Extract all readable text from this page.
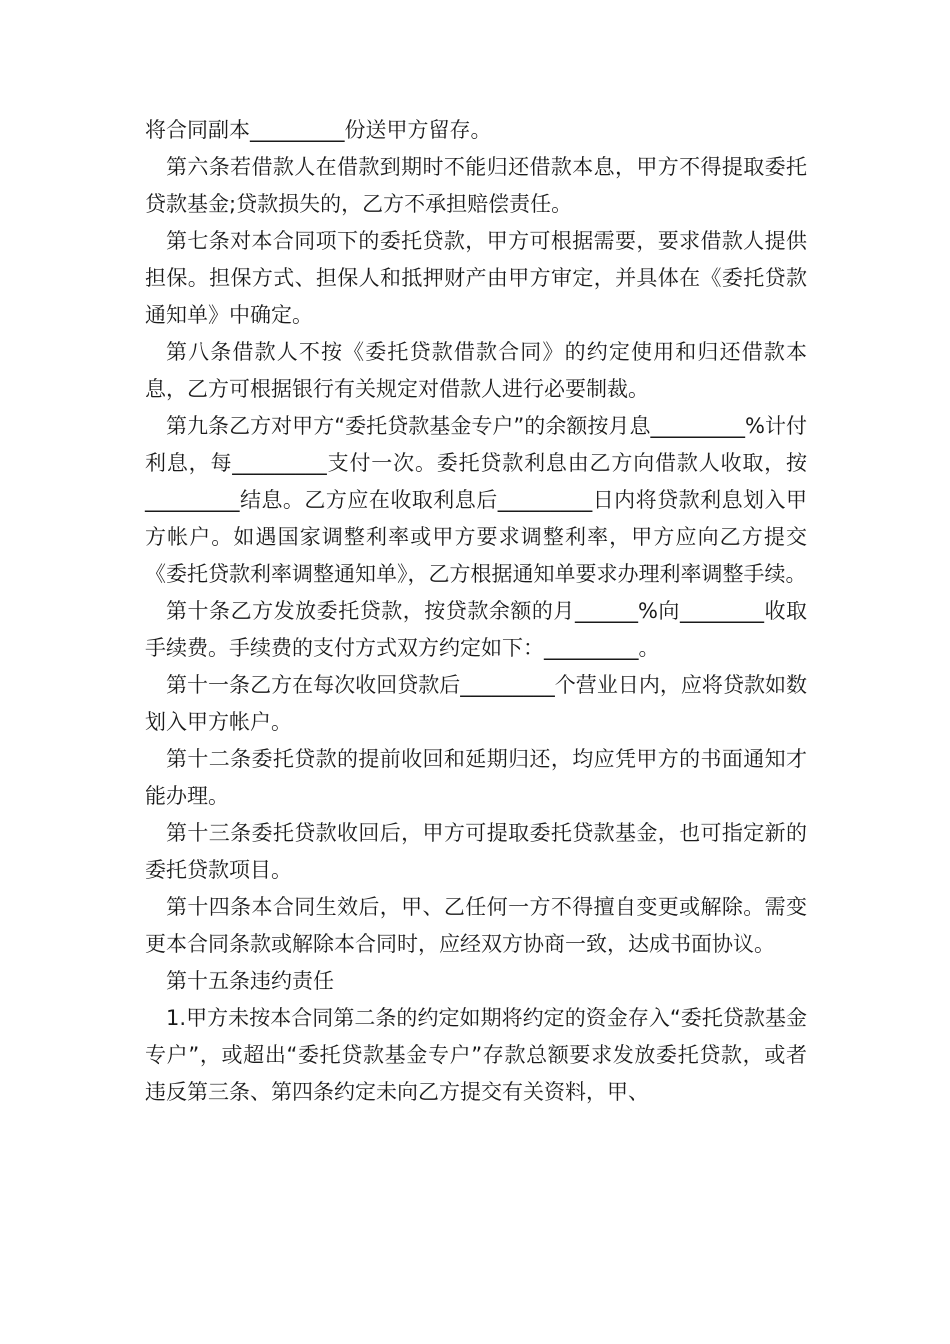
将合同副本_________份送甲方留存。

第六条若借款人在借款到期时不能归还借款本息，甲方不得提取委托贷款基金;贷款损失的，乙方不承担赔偿责任。

第七条对本合同项下的委托贷款，甲方可根据需要，要求借款人提供担保。担保方式、担保人和抵押财产由甲方审定，并具体在《委托贷款通知单》中确定。

第八条借款人不按《委托贷款借款合同》的约定使用和归还借款本息，乙方可根据银行有关规定对借款人进行必要制裁。

第九条乙方对甲方“委托贷款基金专户”的余额按月息_________%计付利息，每_________支付一次。委托贷款利息由乙方向借款人收取，按_________结息。乙方应在收取利息后_________日内将贷款利息划入甲方帐户。如遇国家调整利率或甲方要求调整利率，甲方应向乙方提交《委托贷款利率调整通知单》，乙方根据通知单要求办理利率调整手续。

第十条乙方发放委托贷款，按贷款余额的月______%向________收取手续费。手续费的支付方式双方约定如下：_________。

第十一条乙方在每次收回贷款后_________个营业日内，应将贷款如数划入甲方帐户。

第十二条委托贷款的提前收回和延期归还，均应凭甲方的书面通知才能办理。

第十三条委托贷款收回后，甲方可提取委托贷款基金，也可指定新的委托贷款项目。

第十四条本合同生效后，甲、乙任何一方不得擅自变更或解除。需变更本合同条款或解除本合同时，应经双方协商一致，达成书面协议。

第十五条违约责任

1.甲方未按本合同第二条的约定如期将约定的资金存入“委托贷款基金专户”，或超出“委托贷款基金专户”存款总额要求发放委托贷款，或者违反第三条、第四条约定未向乙方提交有关资料，甲、
